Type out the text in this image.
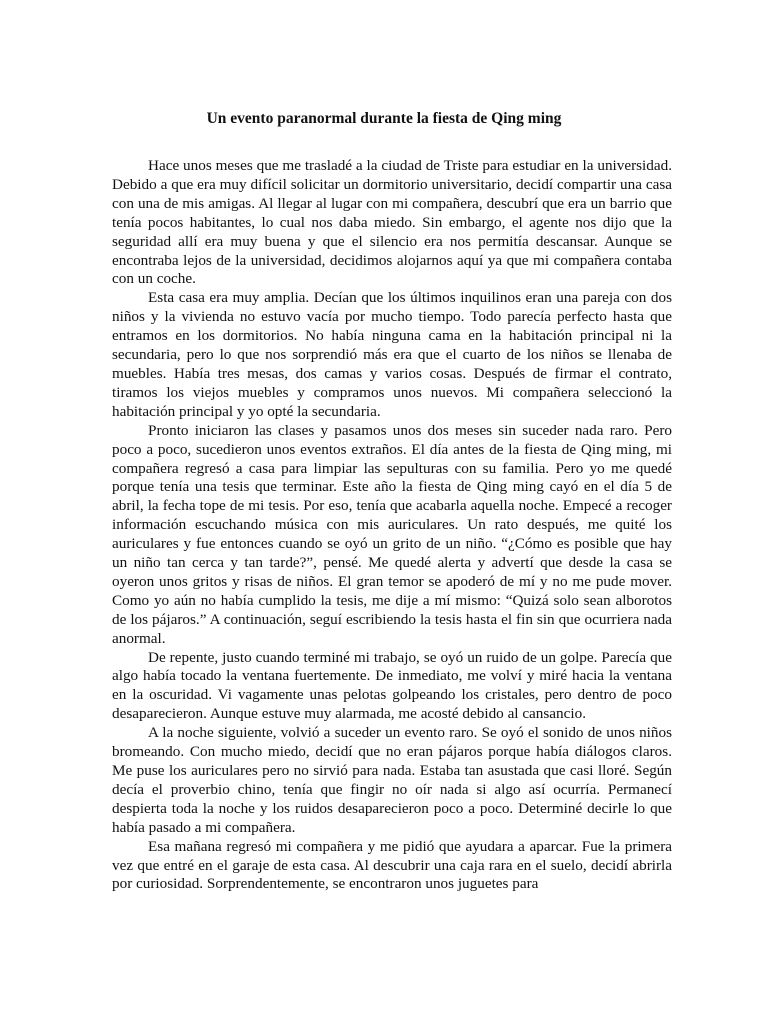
Un evento paranormal durante la fiesta de Qing ming

Hace unos meses que me trasladé a la ciudad de Triste para estudiar en la universidad. Debido a que era muy difícil solicitar un dormitorio universitario, decidí compartir una casa con una de mis amigas. Al llegar al lugar con mi compañera, descubrí que era un barrio que tenía pocos habitantes, lo cual nos daba miedo. Sin embargo, el agente nos dijo que la seguridad allí era muy buena y que el silencio era nos permitía descansar. Aunque se encontraba lejos de la universidad, decidimos alojarnos aquí ya que mi compañera contaba con un coche.

Esta casa era muy amplia. Decían que los últimos inquilinos eran una pareja con dos niños y la vivienda no estuvo vacía por mucho tiempo. Todo parecía perfecto hasta que entramos en los dormitorios. No había ninguna cama en la habitación principal ni la secundaria, pero lo que nos sorprendió más era que el cuarto de los niños se llenaba de muebles. Había tres mesas, dos camas y varios cosas. Después de firmar el contrato, tiramos los viejos muebles y compramos unos nuevos. Mi compañera seleccionó la habitación principal y yo opté la secundaria.

Pronto iniciaron las clases y pasamos unos dos meses sin suceder nada raro. Pero poco a poco, sucedieron unos eventos extraños. El día antes de la fiesta de Qing ming, mi compañera regresó a casa para limpiar las sepulturas con su familia. Pero yo me quedé porque tenía una tesis que terminar. Este año la fiesta de Qing ming cayó en el día 5 de abril, la fecha tope de mi tesis. Por eso, tenía que acabarla aquella noche. Empecé a recoger información escuchando música con mis auriculares. Un rato después, me quité los auriculares y fue entonces cuando se oyó un grito de un niño. “¿Cómo es posible que hay un niño tan cerca y tan tarde?”, pensé. Me quedé alerta y advertí que desde la casa se oyeron unos gritos y risas de niños. El gran temor se apoderó de mí y no me pude mover. Como yo aún no había cumplido la tesis, me dije a mí mismo: “Quizá solo sean alborotos de los pájaros.” A continuación, seguí escribiendo la tesis hasta el fin sin que ocurriera nada anormal.

De repente, justo cuando terminé mi trabajo, se oyó un ruido de un golpe. Parecía que algo había tocado la ventana fuertemente. De inmediato, me volví y miré hacia la ventana en la oscuridad. Vi vagamente unas pelotas golpeando los cristales, pero dentro de poco desaparecieron. Aunque estuve muy alarmada, me acosté debido al cansancio.

A la noche siguiente, volvió a suceder un evento raro. Se oyó el sonido de unos niños bromeando. Con mucho miedo, decidí que no eran pájaros porque había diálogos claros. Me puse los auriculares pero no sirvió para nada. Estaba tan asustada que casi lloré. Según decía el proverbio chino, tenía que fingir no oír nada si algo así ocurría. Permanecí despierta toda la noche y los ruidos desaparecieron poco a poco. Determiné decirle lo que había pasado a mi compañera.

Esa mañana regresó mi compañera y me pidió que ayudara a aparcar. Fue la primera vez que entré en el garaje de esta casa. Al descubrir una caja rara en el suelo, decidí abrirla por curiosidad. Sorprendentemente, se encontraron unos juguetes para
